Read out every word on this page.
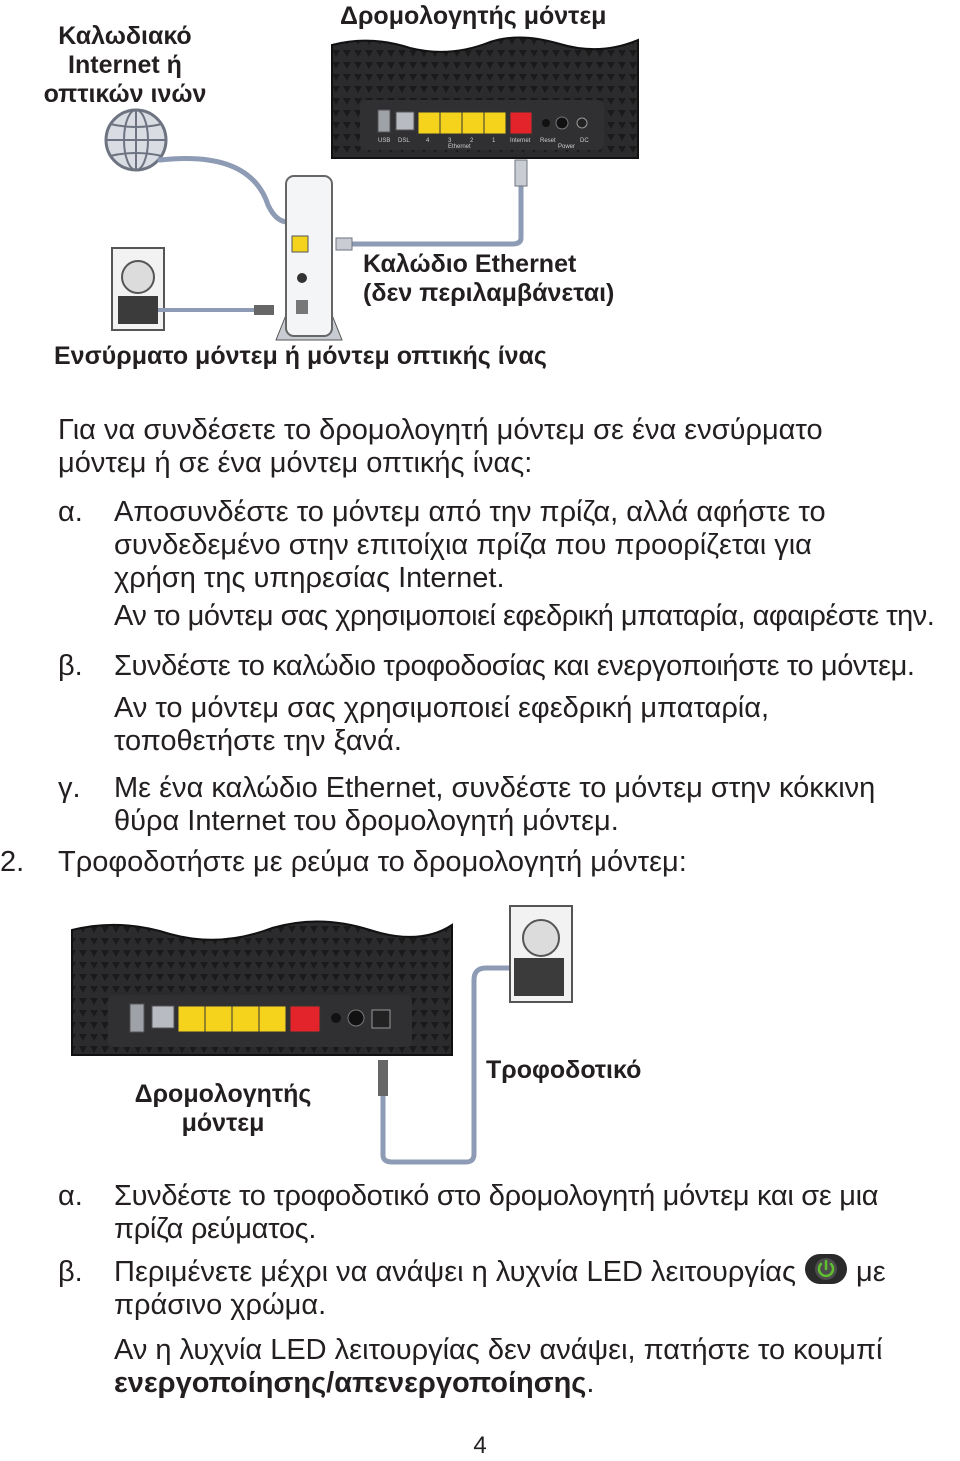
Καλωδιακό
Internet ή
οπτικών ινών
Δρομολογητής μόντεμ
Καλώδιο Ethernet
(δεν περιλαμβάνεται)
Ενσύρματο μόντεμ ή μόντεμ οπτικής ίνας
USB DSL	4	3	2	1
Ethernet
Internet Reset
Power
DC
Για να συνδέσετε το δρομολογητή μόντεμ σε ένα ενσύρματο
μόντεμ ή σε ένα μόντεμ οπτικής ίνας:
α. Αποσυνδέστε το μόντεμ από την πρίζα, αλλά αφήστε το
συνδεδεμένο στην επιτοίχια πρίζα που προορίζεται για
χρήση της υπηρεσίας Internet.
Αν το μόντεμ σας χρησιμοποιεί εφεδρική μπαταρία, αφαιρέστε την.
β. Συνδέστε το καλώδιο τροφοδοσίας και ενεργοποιήστε το μόντεμ.
Αν το μόντεμ σας χρησιμοποιεί εφεδρική μπαταρία,
τοποθετήστε την ξανά.
γ. Με ένα καλώδιο Ethernet, συνδέστε το μόντεμ στην κόκκινη
θύρα Internet του δρομολογητή μόντεμ.
2. Τροφοδοτήστε με ρεύμα το δρομολογητή μόντεμ:
Δρομολογητής
μόντεμ
Τροφοδοτικό
α. Συνδέστε το τροφοδοτικό στο δρομολογητή μόντεμ και σε μια
πρίζα ρεύματος.
β. Περιμένετε μέχρι να ανάψει η λυχνία LED λειτουργίας με
πράσινο χρώμα.
Αν η λυχνία LED λειτουργίας δεν ανάψει, πατήστε το κουμπί
ενεργοποίησης/απενεργοποίησης.
4
